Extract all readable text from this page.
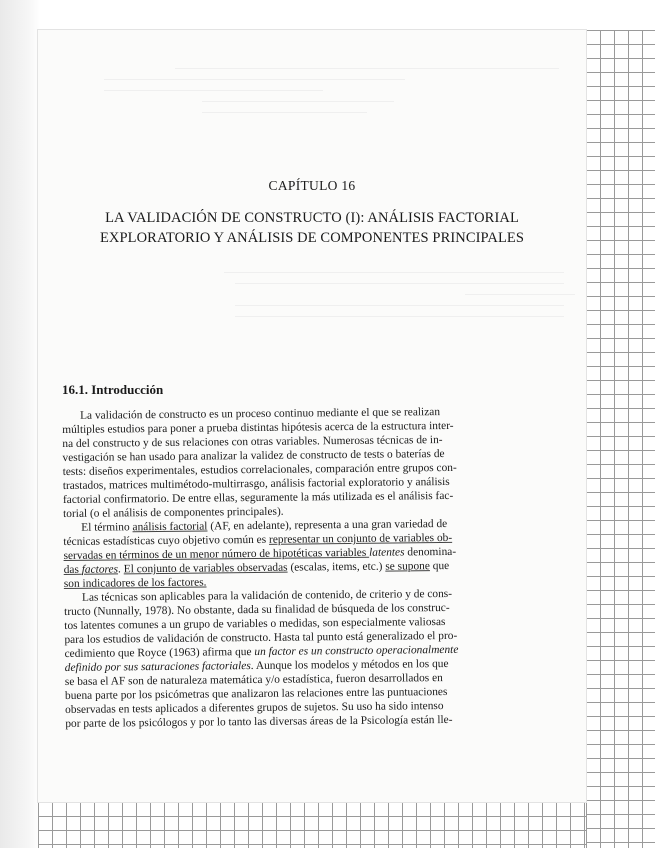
CAPÍTULO 16
LA VALIDACIÓN DE CONSTRUCTO (I): ANÁLISIS FACTORIAL
EXPLORATORIO Y ANÁLISIS DE COMPONENTES PRINCIPALES
16.1. Introducción
La validación de constructo es un proceso continuo mediante el que se realizan
múltiples estudios para poner a prueba distintas hipótesis acerca de la estructura inter-
na del constructo y de sus relaciones con otras variables. Numerosas técnicas de in-
vestigación se han usado para analizar la validez de constructo de tests o baterías de
tests: diseños experimentales, estudios correlacionales, comparación entre grupos con-
trastados, matrices multimétodo-multirrasgo, análisis factorial exploratorio y análisis
factorial confirmatorio. De entre ellas, seguramente la más utilizada es el análisis fac-
torial (o el análisis de componentes principales).
El término análisis factorial (AF, en adelante), representa a una gran variedad de
técnicas estadísticas cuyo objetivo común es representar un conjunto de variables ob-
servadas en términos de un menor número de hipotéticas variables latentes denomina-
das factores. El conjunto de variables observadas (escalas, items, etc.) se supone que
son indicadores de los factores.
Las técnicas son aplicables para la validación de contenido, de criterio y de cons-
tructo (Nunnally, 1978). No obstante, dada su finalidad de búsqueda de los construc-
tos latentes comunes a un grupo de variables o medidas, son especialmente valiosas
para los estudios de validación de constructo. Hasta tal punto está generalizado el pro-
cedimiento que Royce (1963) afirma que un factor es un constructo operacionalmente
definido por sus saturaciones factoriales. Aunque los modelos y métodos en los que
se basa el AF son de naturaleza matemática y/o estadística, fueron desarrollados en
buena parte por los psicómetras que analizaron las relaciones entre las puntuaciones
observadas en tests aplicados a diferentes grupos de sujetos. Su uso ha sido intenso
por parte de los psicólogos y por lo tanto las diversas áreas de la Psicología están lle-
